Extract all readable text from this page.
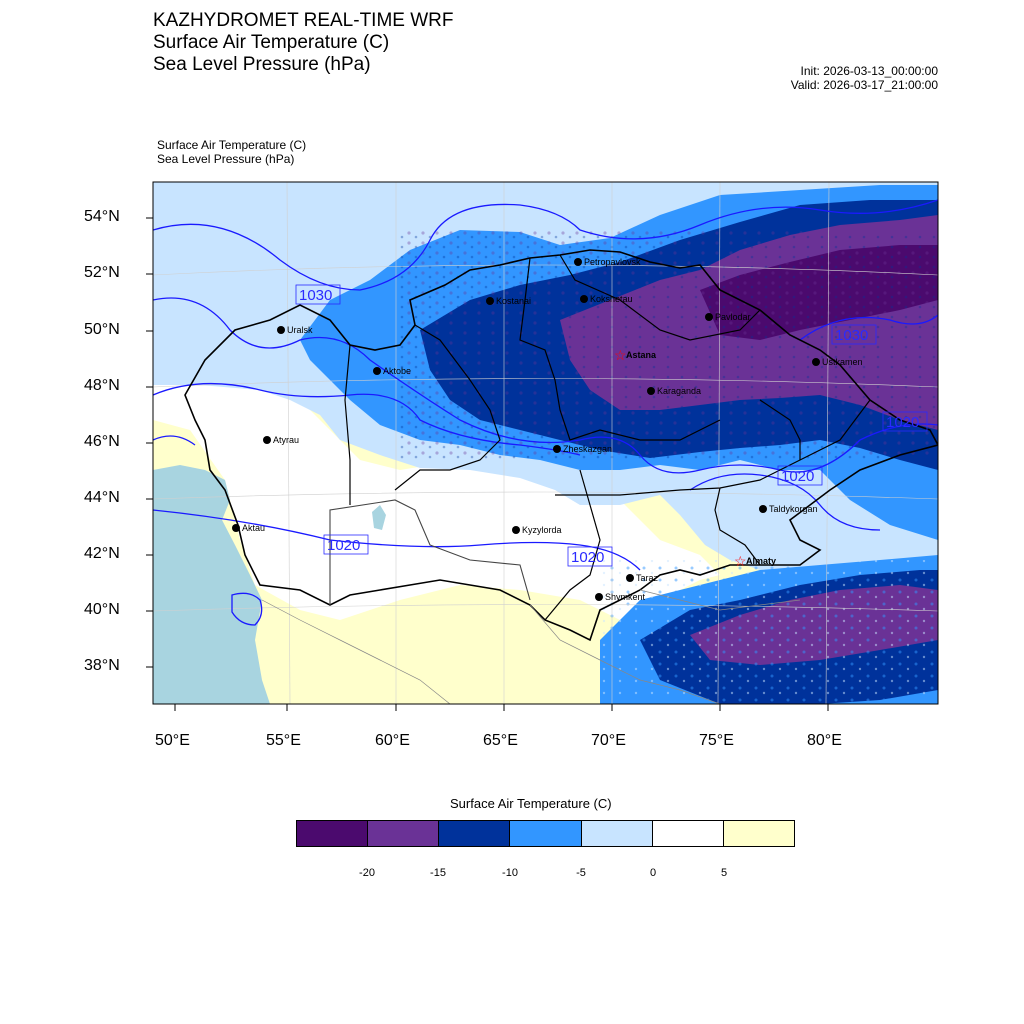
KAZHYDROMET REAL-TIME WRF
Surface Air Temperature (C)
Sea Level Pressure (hPa)	Init: 2026-03-13_00:00:00
Valid: 2026-03-17_21:00:00
Surface Air Temperature (C)
Sea Level Pressure (hPa)
Petropavlovsk
Kostanai	Kokshetau
Pavlodar
Uralsk
☆ Astana
Aktobe
Ustkamen
Karaganda
Atyrau
Zheskazgan
Taldykorgan
Aktau	Kyzylorda
☆ Almaty
Taraz
Shymkent
1030
1030
1020
1020
1020
1020
54°N
52°N
50°N
48°N
46°N
44°N
42°N
40°N
38°N
50°E	55°E	60°E	65°E	70°E	75°E	80°E
Surface Air Temperature (C)
-20	-15	-10	-5	0	5
